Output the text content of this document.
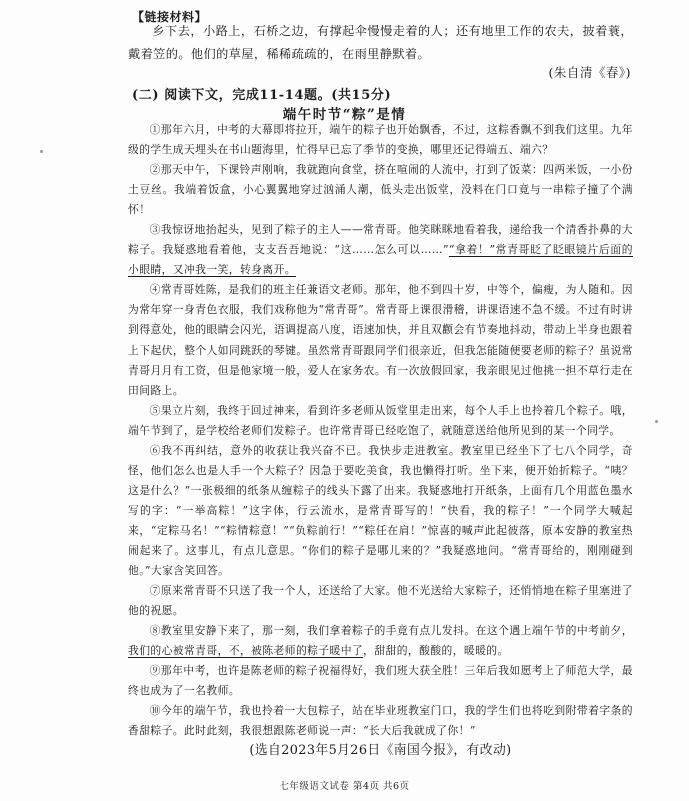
【链接材料】

乡下去，小路上，石桥之边，有撑起伞慢慢走着的人；还有地里工作的农夫，披着蓑，戴着笠的。他们的草屋，稀稀疏疏的，在雨里静默着。

(朱自清《春》)
(二) 阅读下文，完成11-14题。(共15分)
端午时节“粽”是情

①那年六月，中考的大幕即将拉开，端午的粽子也开始飘香，不过，这粽香飘不到我们这里。九年级的学生成天埋头在书山题海里，忙得早已忘了季节的变换，哪里还记得端五、端六？

②那天中午，下课铃声刚响，我就跑向食堂，挤在喧闹的人流中，打到了饭菜：四两米饭，一小份土豆丝。我端着饭盒，小心翼翼地穿过汹涌人潮，低头走出饭堂，没料在门口竟与一串粽子撞了个满怀！

③我惊讶地抬起头，见到了粽子的主人——常青哥。他笑眯眯地看着我，递给我一个清香扑鼻的大粽子。我疑惑地看着他，支支吾吾地说：“这……怎么可以……”“拿着！”常青哥眨了眨眼镜片后面的小眼睛，又冲我一笑，转身离开。

④常青哥姓陈，是我们的班主任兼语文老师。那年，他不到四十岁，中等个，偏瘦，为人随和。因为常年穿一身青色衣服，我们戏称他为“常青哥”。常青哥上课很滑稽，讲课语速不急不缓。不过有时讲到得意处，他的眼睛会闪光，语调提高八度，语速加快，并且双颧会有节奏地抖动，带动上半身也跟着上下起伏，整个人如同跳跃的琴键。虽然常青哥跟同学们很亲近，但我怎能随便要老师的粽子？虽说常青哥月月有工资，但是他家境一般，爱人在家务农。有一次放假回家，我亲眼见过他挑一担不草行走在田间路上。

⑤果立片刻，我终于回过神来，看到许多老师从饭堂里走出来，每个人手上也拎着几个粽子。哦，端午节到了，是学校给老师们发粽子。也许常青哥已经吃饱了，就随意送给他所见到的某一个同学。

⑥我不再纠结，意外的收获让我兴奋不已。我快步走进教室。教室里已经坐下了七八个同学，奇怪，他们怎么也是人手一个大粽子？因急于要吃美食，我也懒得打听。坐下来，便开始折粽子。“咦？这是什么？”一张极细的纸条从缠粽子的线头下露了出来。我疑惑地打开纸条，上面有几个用蓝色墨水写的字：“一举高粽！”这字体，行云流水，是常青哥写的！“快看，我的粽子！”一个同学大喊起来，“定粽马名！”“粽情粽意！”“负粽前行！”“粽任在肩！”惊喜的喊声此起彼落，原本安静的教室热闹起来了。这事儿，有点儿意思。“你们的粽子是哪儿来的？”我疑惑地问。“常青哥给的，刚刚碰到他。”大家含笑回答。

⑦原来常青哥不只送了我一个人，还送给了大家。他不光送给大家粽子，还悄悄地在粽子里塞进了他的祝愿。

⑧教室里安静下来了，那一刻，我们拿着粽子的手竟有点儿发抖。在这个遇上端午节的中考前夕，我们的心被常青哥，不，被陈老师的粽子暖中了，甜甜的，酸酸的，暖暖的。

⑨那年中考，也许是陈老师的粽子祝福得好，我们班大获全胜！三年后我如愿考上了师范大学，最终也成为了一名教师。

⑩今年的端午节，我也拎着一大包粽子，站在毕业班教室门口，我的学生们也将吃到附带着字条的香甜粽子。此时此刻，我很想跟陈老师说一声：“长大后我就成了你！”

(选自2023年5月26日《南国今报》，有改动)

七年级语文试卷 第4页 共6页
